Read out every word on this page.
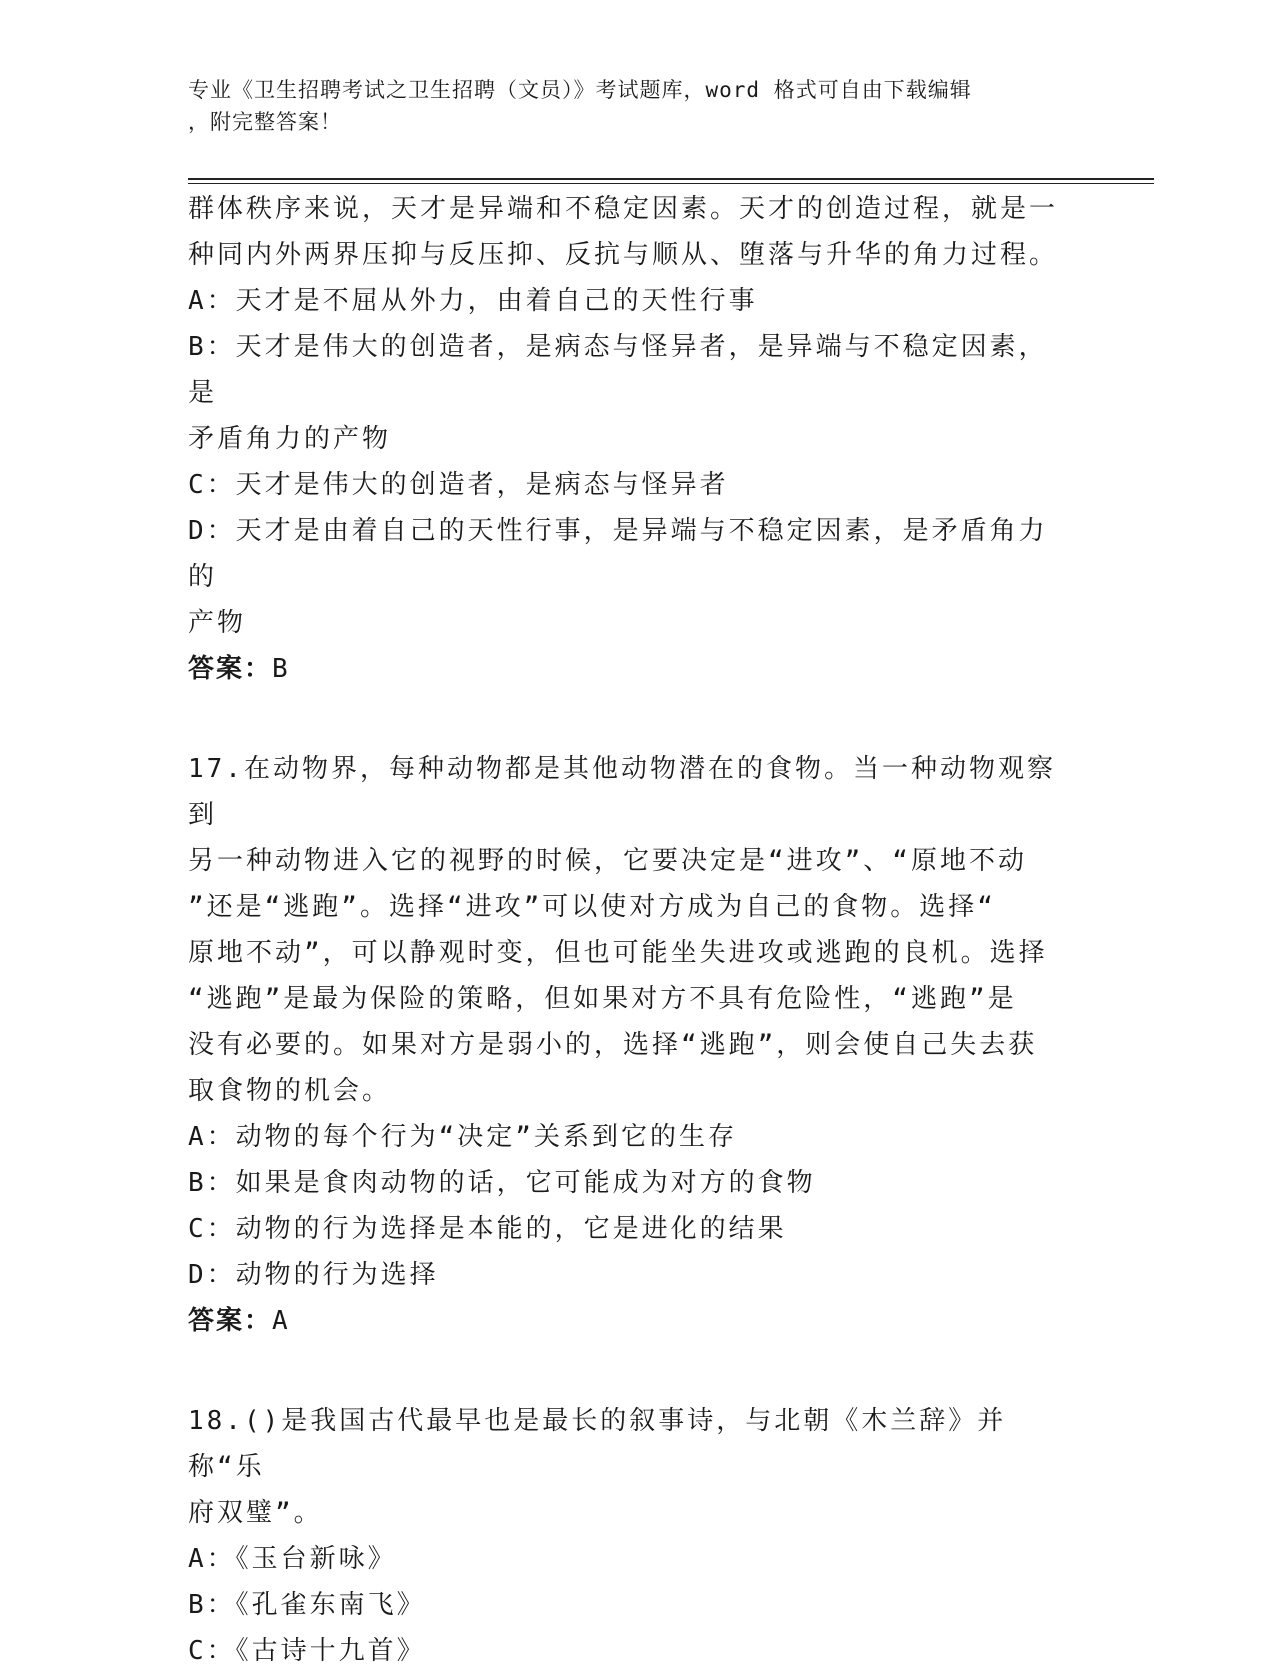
专业《卫生招聘考试之卫生招聘（文员）》考试题库，word 格式可自由下载编辑
，附完整答案！
群体秩序来说，天才是异端和不稳定因素。天才的创造过程，就是一
种同内外两界压抑与反压抑、反抗与顺从、堕落与升华的角力过程。
A：天才是不屈从外力，由着自己的天性行事
B：天才是伟大的创造者，是病态与怪异者，是异端与不稳定因素，是
矛盾角力的产物
C：天才是伟大的创造者，是病态与怪异者
D：天才是由着自己的天性行事，是异端与不稳定因素，是矛盾角力的
产物
答案：B
17.在动物界，每种动物都是其他动物潜在的食物。当一种动物观察到
另一种动物进入它的视野的时候，它要决定是“进攻”、“原地不动
”还是“逃跑”。选择“进攻”可以使对方成为自己的食物。选择“
原地不动”，可以静观时变，但也可能坐失进攻或逃跑的良机。选择
“逃跑”是最为保险的策略，但如果对方不具有危险性，“逃跑”是
没有必要的。如果对方是弱小的，选择“逃跑”，则会使自己失去获
取食物的机会。
A：动物的每个行为“决定”关系到它的生存
B：如果是食肉动物的话，它可能成为对方的食物
C：动物的行为选择是本能的，它是进化的结果
D：动物的行为选择
答案：A
18.()是我国古代最早也是最长的叙事诗，与北朝《木兰辞》并称“乐
府双璧”。
A：《玉台新咏》
B：《孔雀东南飞》
C：《古诗十九首》
